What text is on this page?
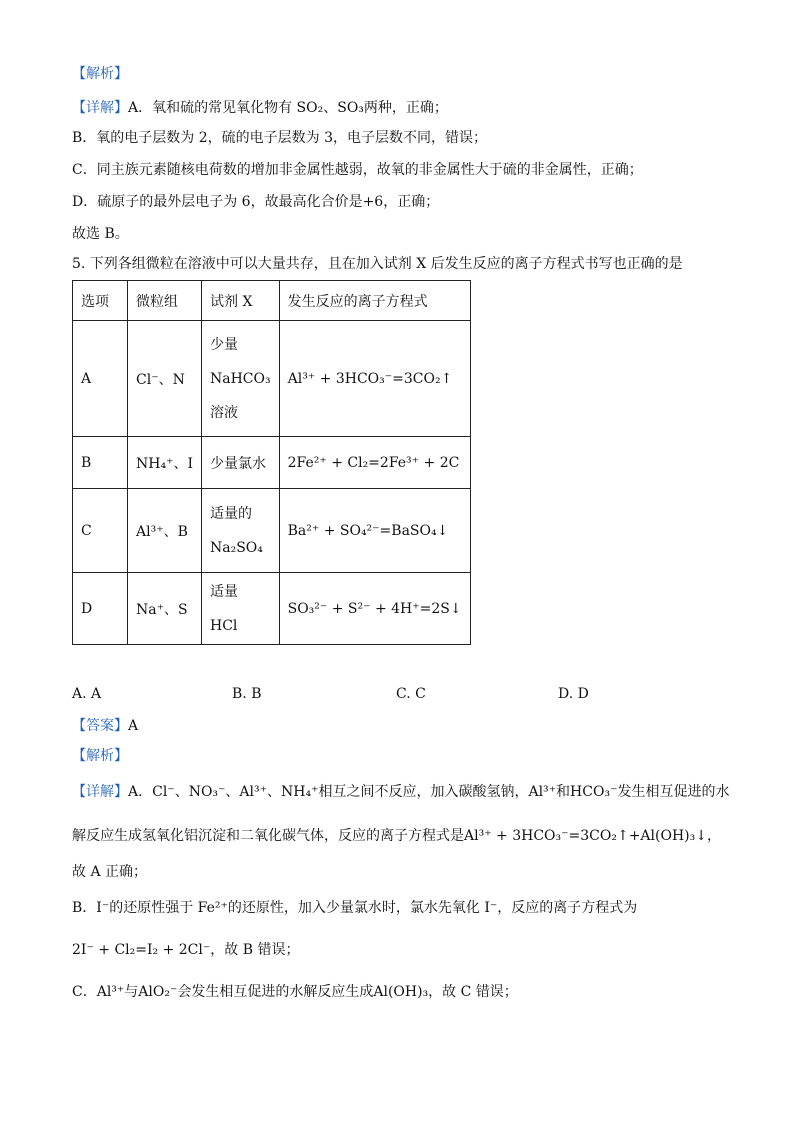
【解析】
【详解】A．氧和硫的常见氧化物有 SO₂、SO₃两种，正确；
B．氧的电子层数为 2，硫的电子层数为 3，电子层数不同，错误；
C．同主族元素随核电荷数的增加非金属性越弱，故氧的非金属性大于硫的非金属性，正确；
D．硫原子的最外层电子为 6，故最高化合价是+6，正确；
故选 B。
5. 下列各组微粒在溶液中可以大量共存，且在加入试剂 X 后发生反应的离子方程式书写也正确的是
选项	微粒组	试剂 X	发生反应的离子方程式
A	Cl⁻、N	少量
NaHCO₃
溶液	Al³⁺ + 3HCO₃⁻=3CO₂↑
B	NH₄⁺、I	少量氯水	2Fe²⁺ + Cl₂=2Fe³⁺ + 2C
C	Al³⁺、B	适量的
Na₂SO₄	Ba²⁺ + SO₄²⁻=BaSO₄↓
D	Na⁺、S	适量
HCl	SO₃²⁻ + S²⁻ + 4H⁺=2S↓
A. A	B. B	C. C	D. D
【答案】A
【解析】
【详解】A．Cl⁻、NO₃⁻、Al³⁺、NH₄⁺相互之间不反应，加入碳酸氢钠，Al³⁺和HCO₃⁻发生相互促进的水
解反应生成氢氧化铝沉淀和二氧化碳气体，反应的离子方程式是Al³⁺ + 3HCO₃⁻=3CO₂↑+Al(OH)₃↓，
故 A 正确；
B．I⁻的还原性强于 Fe²⁺的还原性，加入少量氯水时，氯水先氧化 I⁻，反应的离子方程式为
2I⁻ + Cl₂=I₂ + 2Cl⁻，故 B 错误；
C．Al³⁺与AlO₂⁻会发生相互促进的水解反应生成Al(OH)₃，故 C 错误；
